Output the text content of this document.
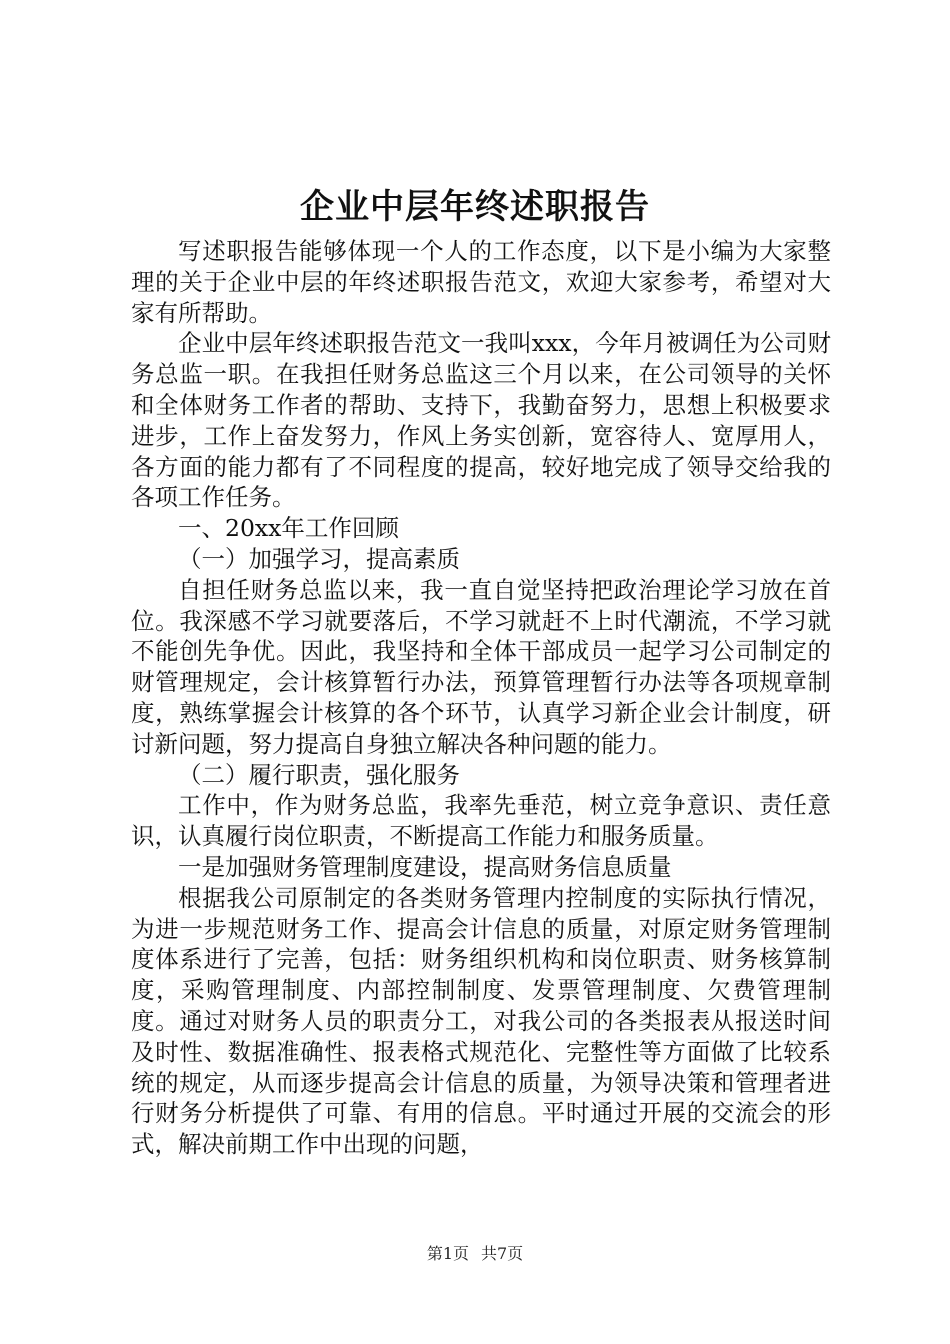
企业中层年终述职报告

写述职报告能够体现一个人的工作态度，以下是小编为大家整理的关于企业中层的年终述职报告范文，欢迎大家参考，希望对大家有所帮助。

企业中层年终述职报告范文一我叫xxx，今年月被调任为公司财务总监一职。在我担任财务总监这三个月以来，在公司领导的关怀和全体财务工作者的帮助、支持下，我勤奋努力，思想上积极要求进步，工作上奋发努力，作风上务实创新，宽容待人、宽厚用人，各方面的能力都有了不同程度的提高，较好地完成了领导交给我的各项工作任务。

一、20xx年工作回顾

（一）加强学习，提高素质

自担任财务总监以来，我一直自觉坚持把政治理论学习放在首位。我深感不学习就要落后，不学习就赶不上时代潮流，不学习就不能创先争优。因此，我坚持和全体干部成员一起学习公司制定的财管理规定，会计核算暂行办法，预算管理暂行办法等各项规章制度，熟练掌握会计核算的各个环节，认真学习新企业会计制度，研讨新问题，努力提高自身独立解决各种问题的能力。

（二）履行职责，强化服务

工作中，作为财务总监，我率先垂范，树立竞争意识、责任意识，认真履行岗位职责，不断提高工作能力和服务质量。

一是加强财务管理制度建设，提高财务信息质量

根据我公司原制定的各类财务管理内控制度的实际执行情况，为进一步规范财务工作、提高会计信息的质量，对原定财务管理制度体系进行了完善，包括：财务组织机构和岗位职责、财务核算制度，采购管理制度、内部控制制度、发票管理制度、欠费管理制度。通过对财务人员的职责分工，对我公司的各类报表从报送时间及时性、数据准确性、报表格式规范化、完整性等方面做了比较系统的规定，从而逐步提高会计信息的质量，为领导决策和管理者进行财务分析提供了可靠、有用的信息。平时通过开展的交流会的形式，解决前期工作中出现的问题，

第1页 共7页
